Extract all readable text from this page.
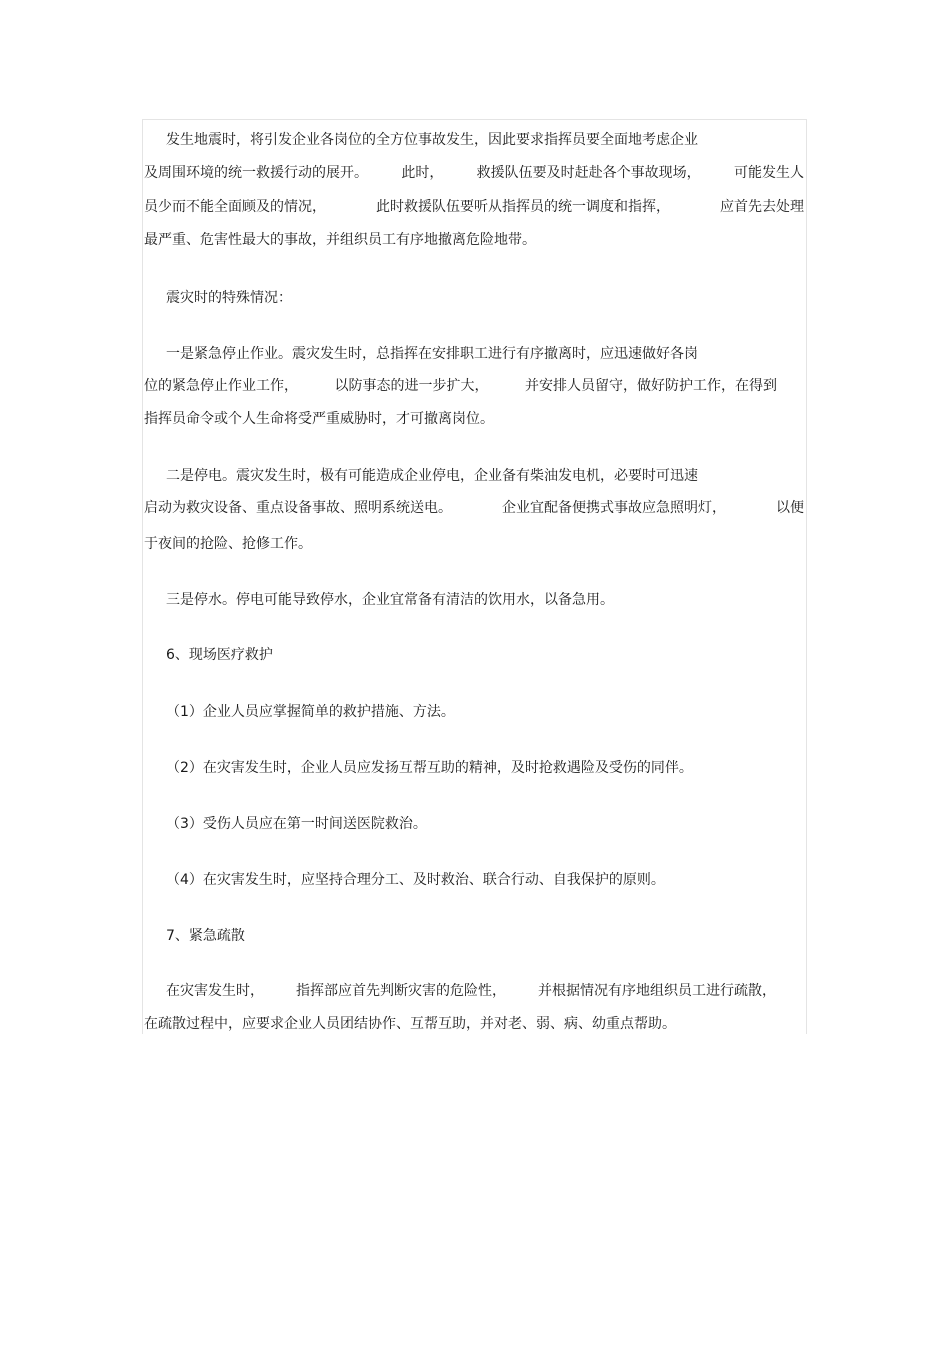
发生地震时，将引发企业各岗位的全方位事故发生，因此要求指挥员要全面地考虑企业
及周围环境的统一救援行动的展开。 此时， 救援队伍要及时赶赴各个事故现场， 可能发生人
员少而不能全面顾及的情况，	此时救援队伍要听从指挥员的统一调度和指挥，	应首先去处理
最严重、危害性最大的事故，并组织员工有序地撤离危险地带。
震灾时的特殊情况：
一是紧急停止作业。震灾发生时，总指挥在安排职工进行有序撤离时，应迅速做好各岗
位的紧急停止作业工作，	以防事态的进一步扩大，	并安排人员留守，做好防护工作，在得到
指挥员命令或个人生命将受严重威胁时，才可撤离岗位。
二是停电。震灾发生时，极有可能造成企业停电，企业备有柴油发电机，必要时可迅速
启动为救灾设备、重点设备事故、照明系统送电。	企业宜配备便携式事故应急照明灯，	以便
于夜间的抢险、抢修工作。
三是停水。停电可能导致停水，企业宜常备有清洁的饮用水，以备急用。
6、现场医疗救护
（1）企业人员应掌握简单的救护措施、方法。
（2）在灾害发生时，企业人员应发扬互帮互助的精神，及时抢救遇险及受伤的同伴。
（3）受伤人员应在第一时间送医院救治。
（4）在灾害发生时，应坚持合理分工、及时救治、联合行动、自我保护的原则。
7、紧急疏散
在灾害发生时， 指挥部应首先判断灾害的危险性， 并根据情况有序地组织员工进行疏散，
在疏散过程中，应要求企业人员团结协作、互帮互助，并对老、弱、病、幼重点帮助。
